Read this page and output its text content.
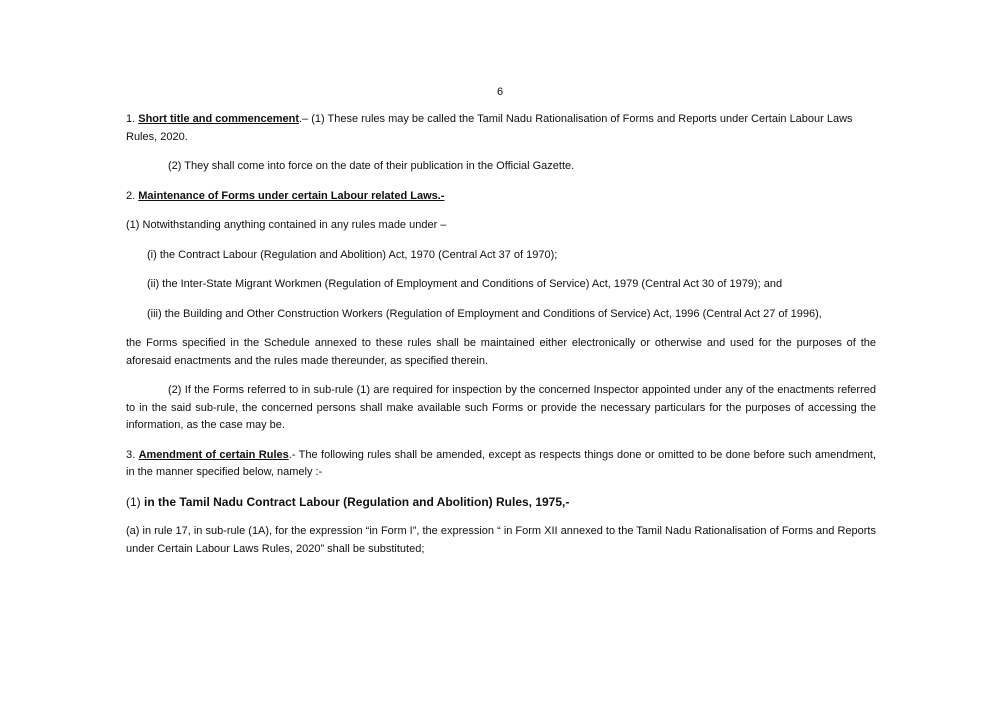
6

1. Short title and commencement.– (1) These rules may be called the Tamil Nadu Rationalisation of Forms and Reports under Certain Labour Laws Rules, 2020.

(2) They shall come into force on the date of their publication in the Official Gazette.

2. Maintenance of Forms under certain Labour related Laws.-

(1) Notwithstanding anything contained in any rules made under –

(i) the Contract Labour (Regulation and Abolition) Act, 1970 (Central Act 37 of 1970);
(ii) the Inter-State Migrant Workmen (Regulation of Employment and Conditions of Service) Act, 1979 (Central Act 30 of 1979); and
(iii) the Building and Other Construction Workers (Regulation of Employment and Conditions of Service) Act, 1996 (Central Act 27 of 1996),

the Forms specified in the Schedule annexed to these rules shall be maintained either electronically or otherwise and used for the purposes of the aforesaid enactments and the rules made thereunder, as specified therein.

(2) If the Forms referred to in sub-rule (1) are required for inspection by the concerned Inspector appointed under any of the enactments referred to in the said sub-rule, the concerned persons shall make available such Forms or provide the necessary particulars for the purposes of accessing the information, as the case may be.

3. Amendment of certain Rules.- The following rules shall be amended, except as respects things done or omitted to be done before such amendment, in the manner specified below, namely :-

(1) in the Tamil Nadu Contract Labour (Regulation and Abolition) Rules, 1975,-

(a) in rule 17, in sub-rule (1A), for the expression “in Form I”, the expression “ in Form XII annexed to the Tamil Nadu Rationalisation of Forms and Reports under Certain Labour Laws Rules, 2020” shall be substituted;
